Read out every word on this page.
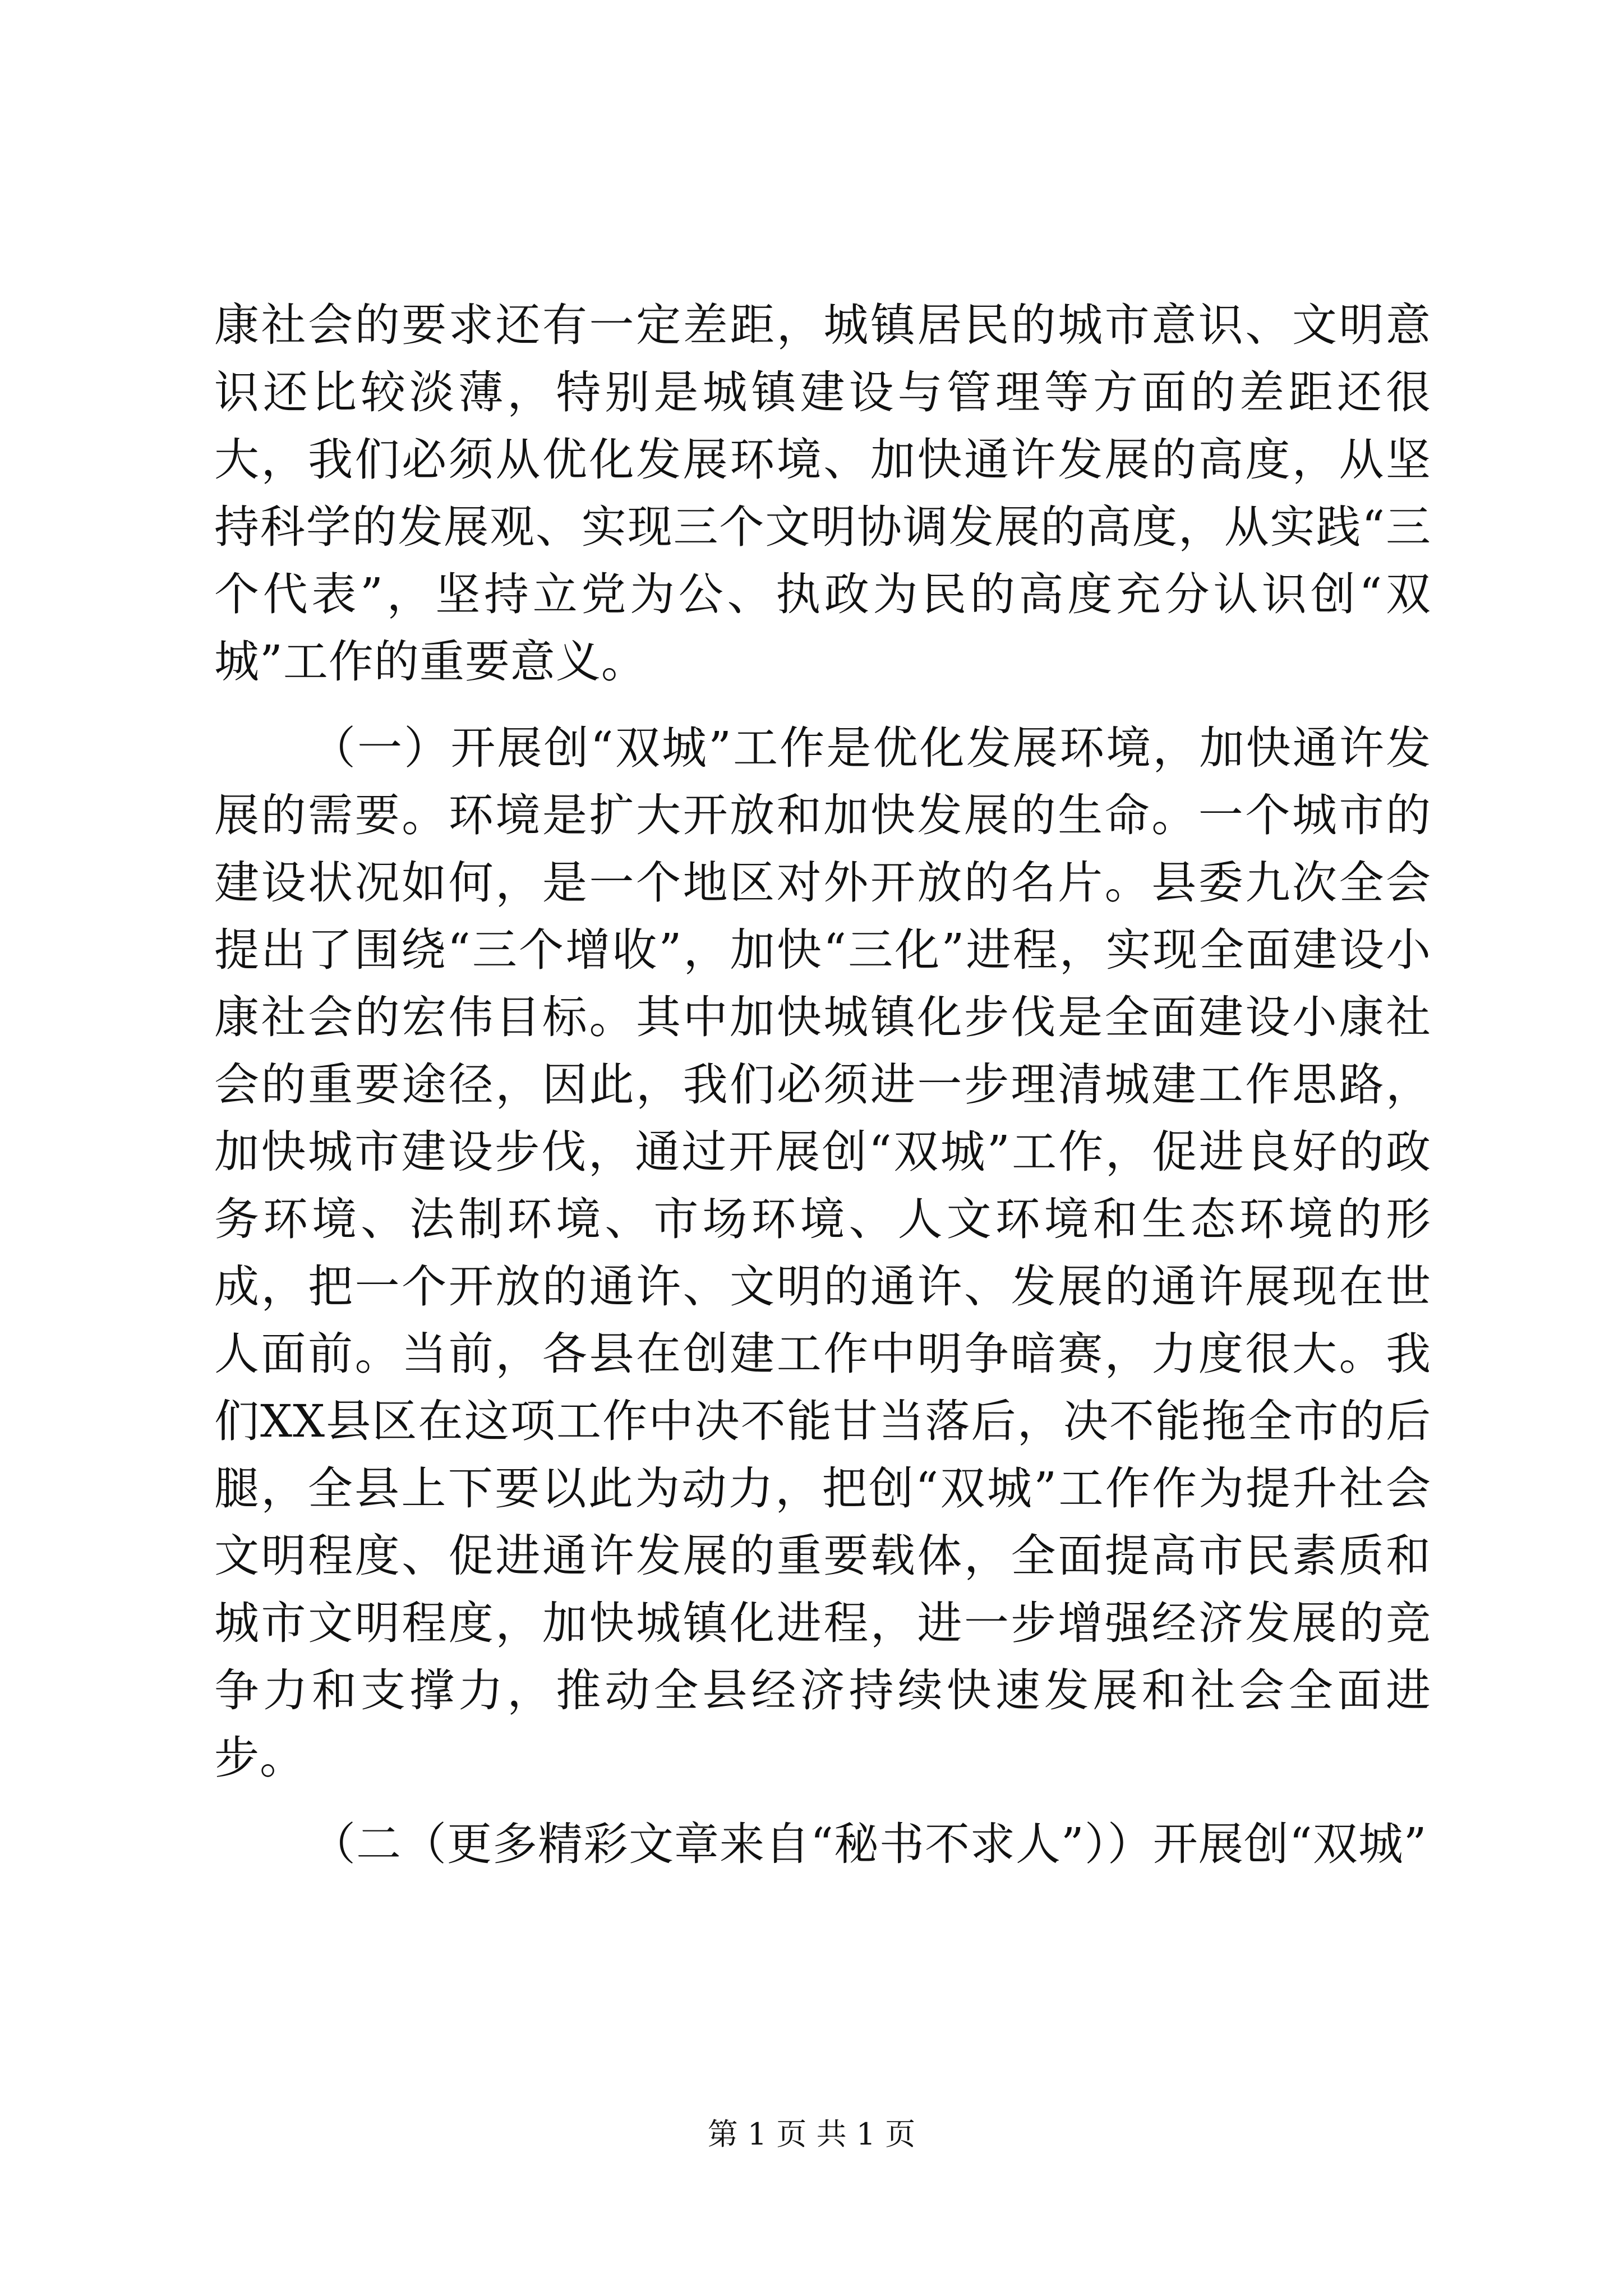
康社会的要求还有一定差距，城镇居民的城市意识、文明意识还比较淡薄，特别是城镇建设与管理等方面的差距还很大，我们必须从优化发展环境、加快通许发展的高度，从坚持科学的发展观、实现三个文明协调发展的高度，从实践“三个代表”，坚持立党为公、执政为民的高度充分认识创“双城”工作的重要意义。

（一）开展创“双城”工作是优化发展环境，加快通许发展的需要。环境是扩大开放和加快发展的生命。一个城市的建设状况如何，是一个地区对外开放的名片。县委九次全会提出了围绕“三个增收”，加快“三化”进程，实现全面建设小康社会的宏伟目标。其中加快城镇化步伐是全面建设小康社会的重要途径，因此，我们必须进一步理清城建工作思路，加快城市建设步伐，通过开展创“双城”工作，促进良好的政务环境、法制环境、市场环境、人文环境和生态环境的形成，把一个开放的通许、文明的通许、发展的通许展现在世人面前。当前，各县在创建工作中明争暗赛，力度很大。我们XX县区在这项工作中决不能甘当落后，决不能拖全市的后腿，全县上下要以此为动力，把创“双城”工作作为提升社会文明程度、促进通许发展的重要载体，全面提高市民素质和城市文明程度，加快城镇化进程，进一步增强经济发展的竞争力和支撑力，推动全县经济持续快速发展和社会全面进步。

（二（更多精彩文章来自“秘书不求人”））开展创“双城”

第 1 页 共 1 页
